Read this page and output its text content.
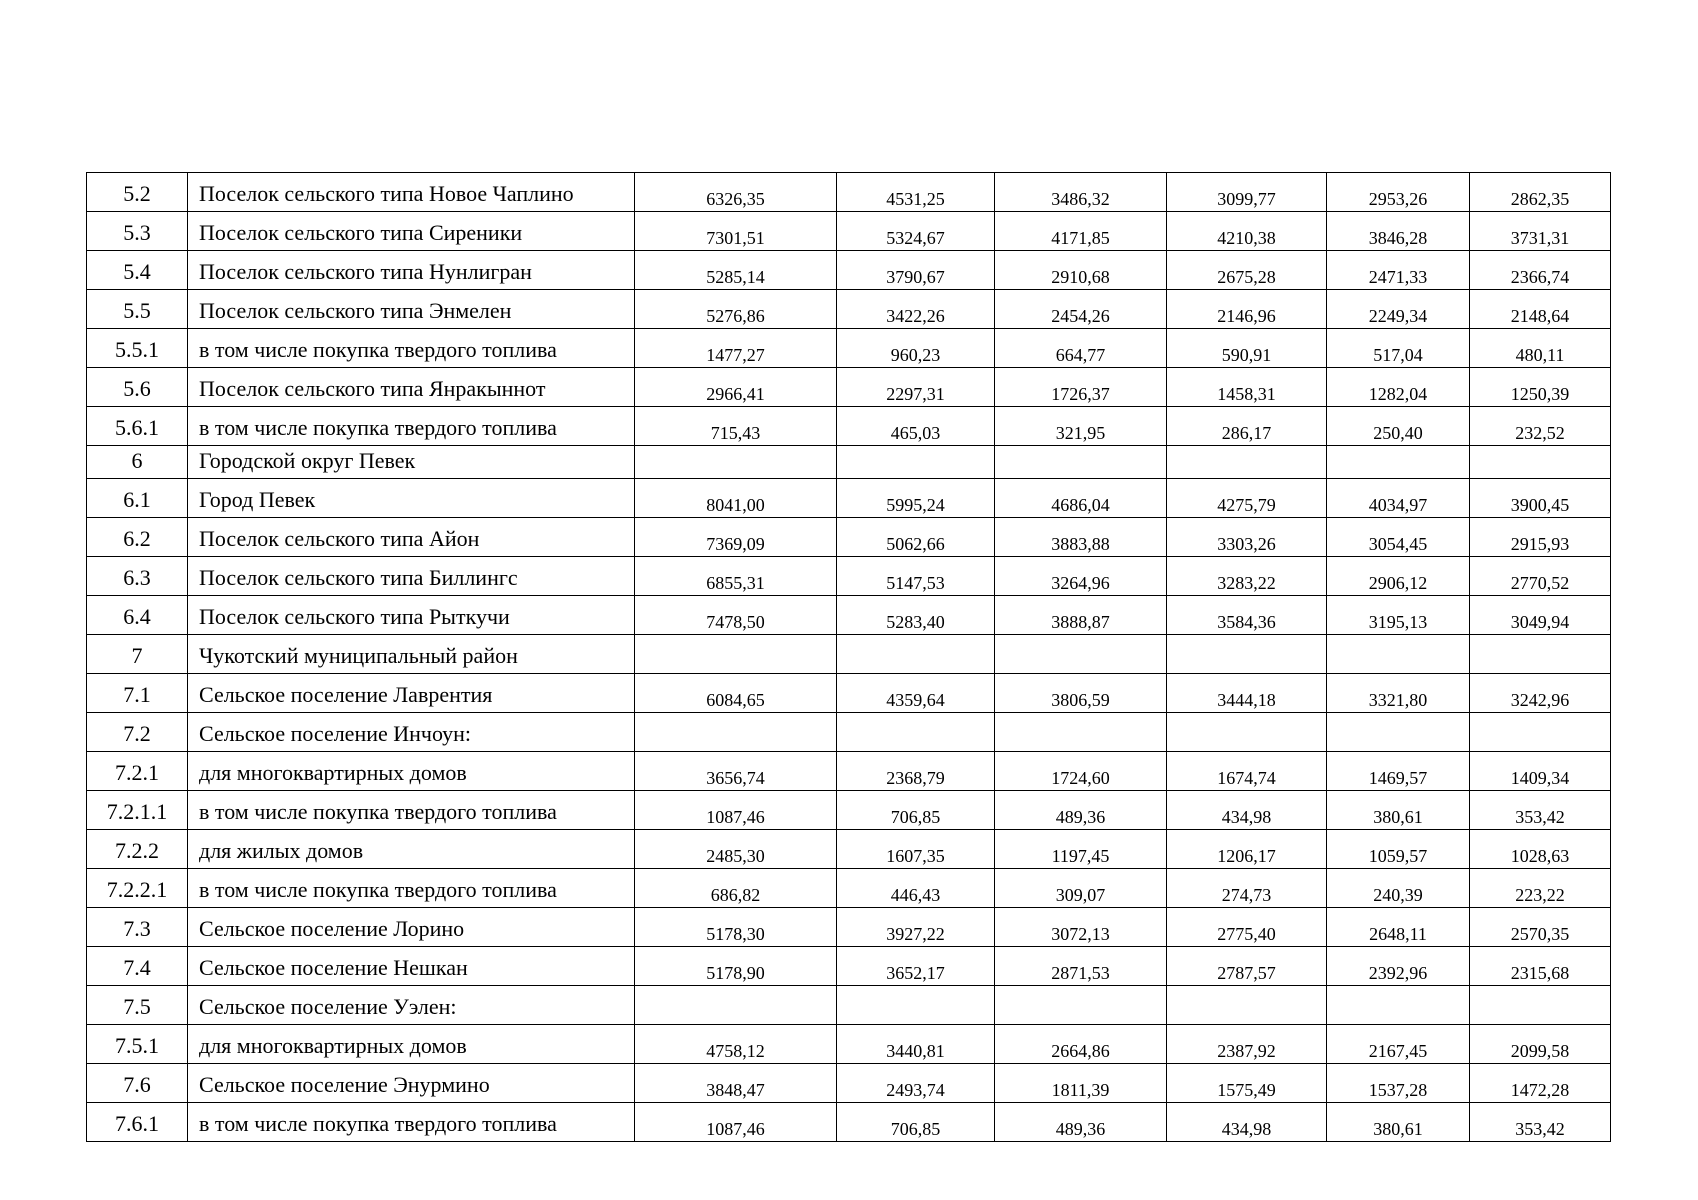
5.2	Поселок сельского типа Новое Чаплино	6326,35	4531,25	3486,32	3099,77	2953,26	2862,35
5.3	Поселок сельского типа Сиреники	7301,51	5324,67	4171,85	4210,38	3846,28	3731,31
5.4	Поселок сельского типа Нунлигран	5285,14	3790,67	2910,68	2675,28	2471,33	2366,74
5.5	Поселок сельского типа Энмелен	5276,86	3422,26	2454,26	2146,96	2249,34	2148,64
5.5.1	в том числе покупка твердого топлива	1477,27	960,23	664,77	590,91	517,04	480,11
5.6	Поселок сельского типа Янракыннот	2966,41	2297,31	1726,37	1458,31	1282,04	1250,39
5.6.1	в том числе покупка твердого топлива	715,43	465,03	321,95	286,17	250,40	232,52
6	Городской округ Певек						
6.1	Город Певек	8041,00	5995,24	4686,04	4275,79	4034,97	3900,45
6.2	Поселок сельского типа Айон	7369,09	5062,66	3883,88	3303,26	3054,45	2915,93
6.3	Поселок сельского типа Биллингс	6855,31	5147,53	3264,96	3283,22	2906,12	2770,52
6.4	Поселок сельского типа Рыткучи	7478,50	5283,40	3888,87	3584,36	3195,13	3049,94
7	Чукотский муниципальный район						
7.1	Сельское поселение Лаврентия	6084,65	4359,64	3806,59	3444,18	3321,80	3242,96
7.2	Сельское поселение Инчоун:						
7.2.1	для многоквартирных домов	3656,74	2368,79	1724,60	1674,74	1469,57	1409,34
7.2.1.1	в том числе покупка твердого топлива	1087,46	706,85	489,36	434,98	380,61	353,42
7.2.2	для жилых домов	2485,30	1607,35	1197,45	1206,17	1059,57	1028,63
7.2.2.1	в том числе покупка твердого топлива	686,82	446,43	309,07	274,73	240,39	223,22
7.3	Сельское поселение Лорино	5178,30	3927,22	3072,13	2775,40	2648,11	2570,35
7.4	Сельское поселение Нешкан	5178,90	3652,17	2871,53	2787,57	2392,96	2315,68
7.5	Сельское поселение Уэлен:						
7.5.1	для многоквартирных домов	4758,12	3440,81	2664,86	2387,92	2167,45	2099,58
7.6	Сельское поселение Энурмино	3848,47	2493,74	1811,39	1575,49	1537,28	1472,28
7.6.1	в том числе покупка твердого топлива	1087,46	706,85	489,36	434,98	380,61	353,42
